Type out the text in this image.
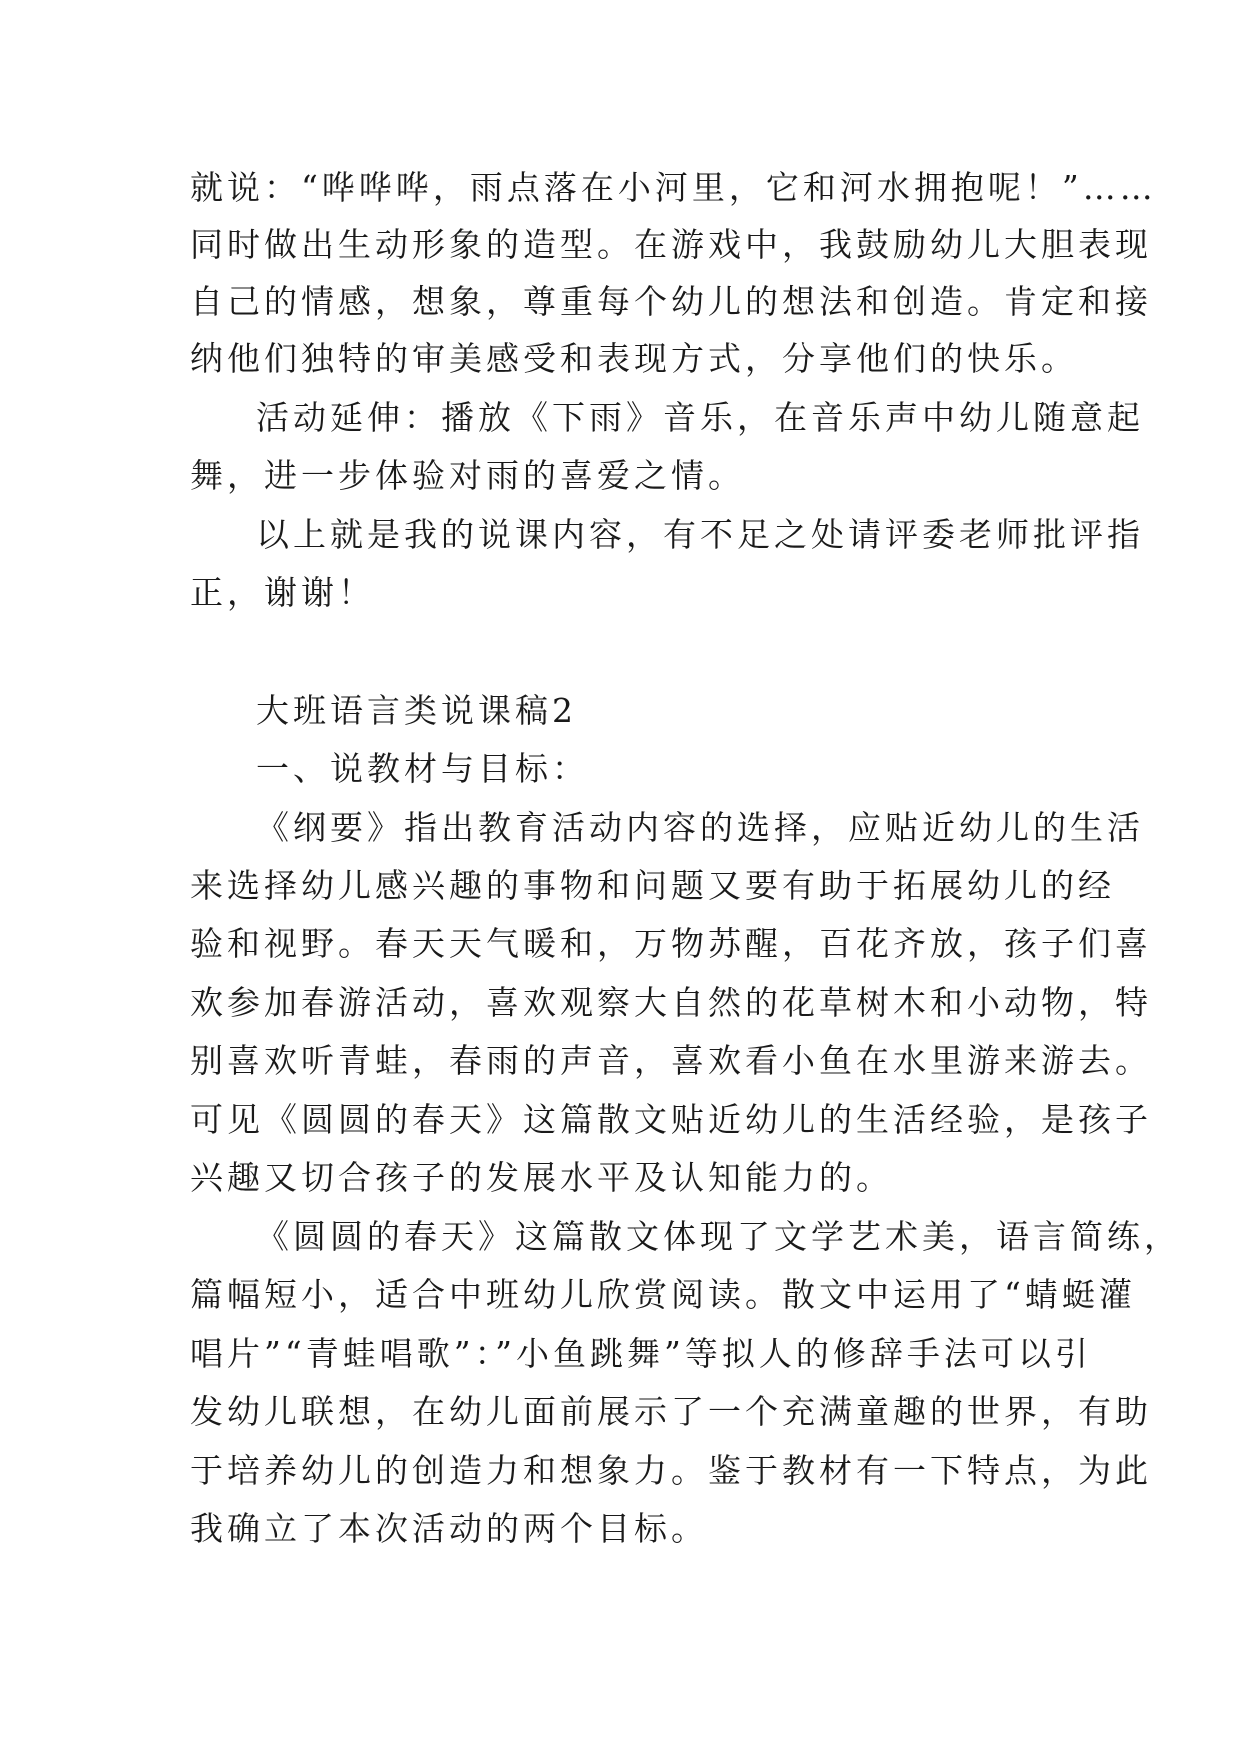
就说：“哗哗哗，雨点落在小河里，它和河水拥抱呢！”……
同时做出生动形象的造型。在游戏中，我鼓励幼儿大胆表现
自己的情感，想象，尊重每个幼儿的想法和创造。肯定和接
纳他们独特的审美感受和表现方式，分享他们的快乐。
活动延伸：播放《下雨》音乐，在音乐声中幼儿随意起
舞，进一步体验对雨的喜爱之情。
以上就是我的说课内容，有不足之处请评委老师批评指
正，谢谢！
大班语言类说课稿2
一、说教材与目标：
《纲要》指出教育活动内容的选择，应贴近幼儿的生活
来选择幼儿感兴趣的事物和问题又要有助于拓展幼儿的经
验和视野。春天天气暖和，万物苏醒，百花齐放，孩子们喜
欢参加春游活动，喜欢观察大自然的花草树木和小动物，特
别喜欢听青蛙，春雨的声音，喜欢看小鱼在水里游来游去。
可见《圆圆的春天》这篇散文贴近幼儿的生活经验，是孩子
兴趣又切合孩子的发展水平及认知能力的。
《圆圆的春天》这篇散文体现了文学艺术美，语言简练，
篇幅短小，适合中班幼儿欣赏阅读。散文中运用了“蜻蜓灌
唱片”“青蛙唱歌”：”小鱼跳舞”等拟人的修辞手法可以引
发幼儿联想，在幼儿面前展示了一个充满童趣的世界，有助
于培养幼儿的创造力和想象力。鉴于教材有一下特点，为此
我确立了本次活动的两个目标。
